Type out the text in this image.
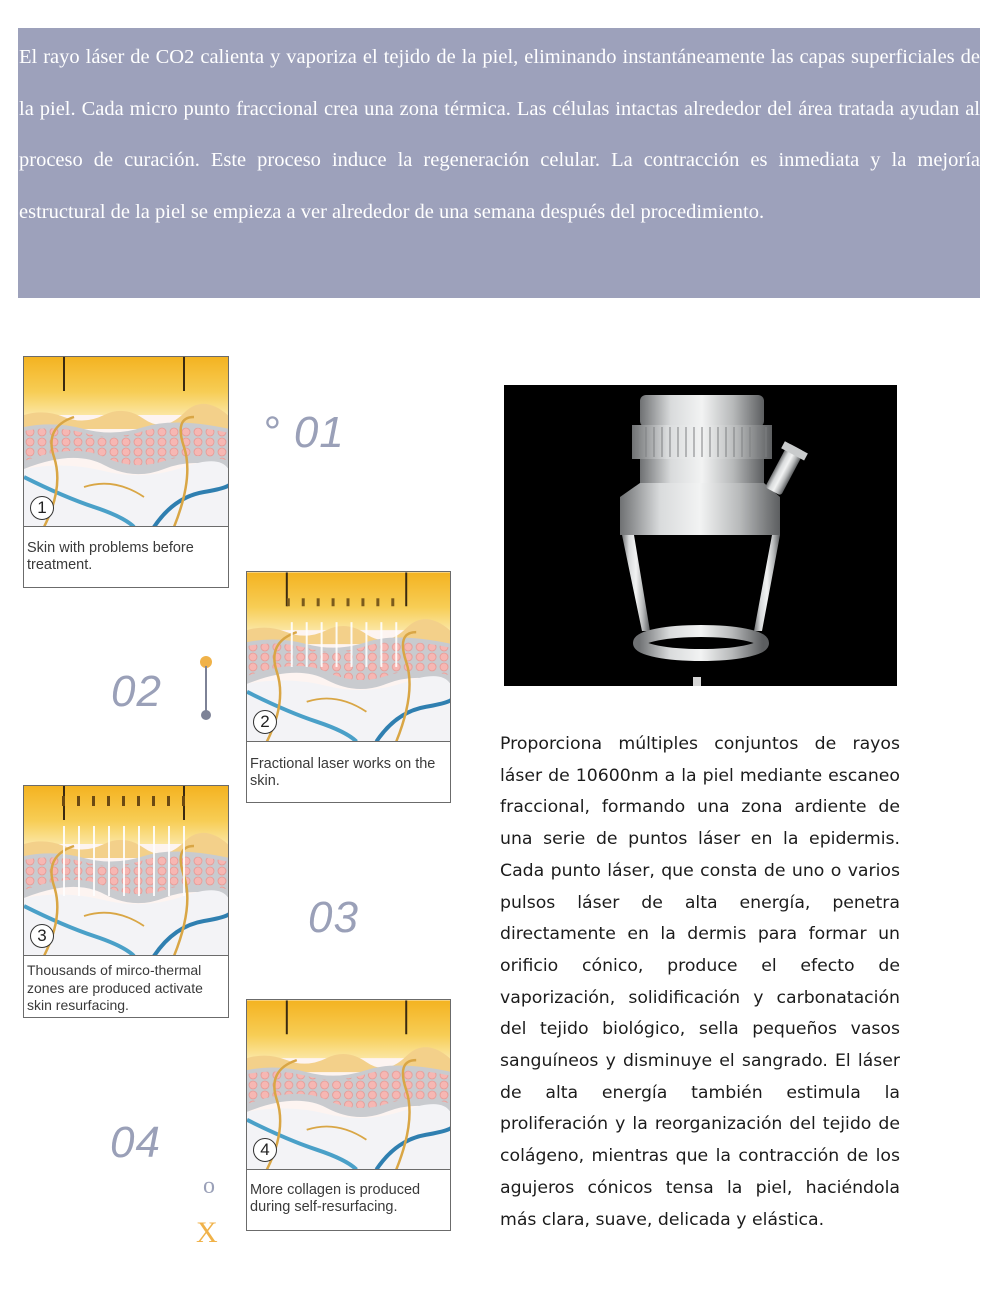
El rayo láser de CO2 calienta y vaporiza el tejido de la piel, eliminando instantáneamente las capas superficiales de la piel. Cada micro punto fraccional crea una zona térmica. Las células intactas alrededor del área tratada ayudan al proceso de curación. Este proceso induce la regeneración celular. La contracción es inmediata y la mejoría estructural de la piel se empieza a ver alrededor de una semana después del procedimiento.

Skin with problems before treatment.
Fractional laser works on the skin.
Thousands of mirco-thermal zones are produced activate skin resurfacing.
More collagen is produced during self-resurfacing.
1
2
3
4
° 01
02
03
04

Proporciona múltiples conjuntos de rayos láser de 10600nm a la piel mediante escaneo fraccional, formando una zona ardiente de una serie de puntos láser en la epidermis. Cada punto láser, que consta de uno o varios pulsos láser de alta energía, penetra directamente en la dermis para formar un orificio cónico, produce el efecto de vaporización, solidificación y carbonatación del tejido biológico, sella pequeños vasos sanguíneos y disminuye el sangrado. El láser de alta energía también estimula la proliferación y la reorganización del tejido de colágeno, mientras que la contracción de los agujeros cónicos tensa la piel, haciéndola más clara, suave, delicada y elástica.

o
X
